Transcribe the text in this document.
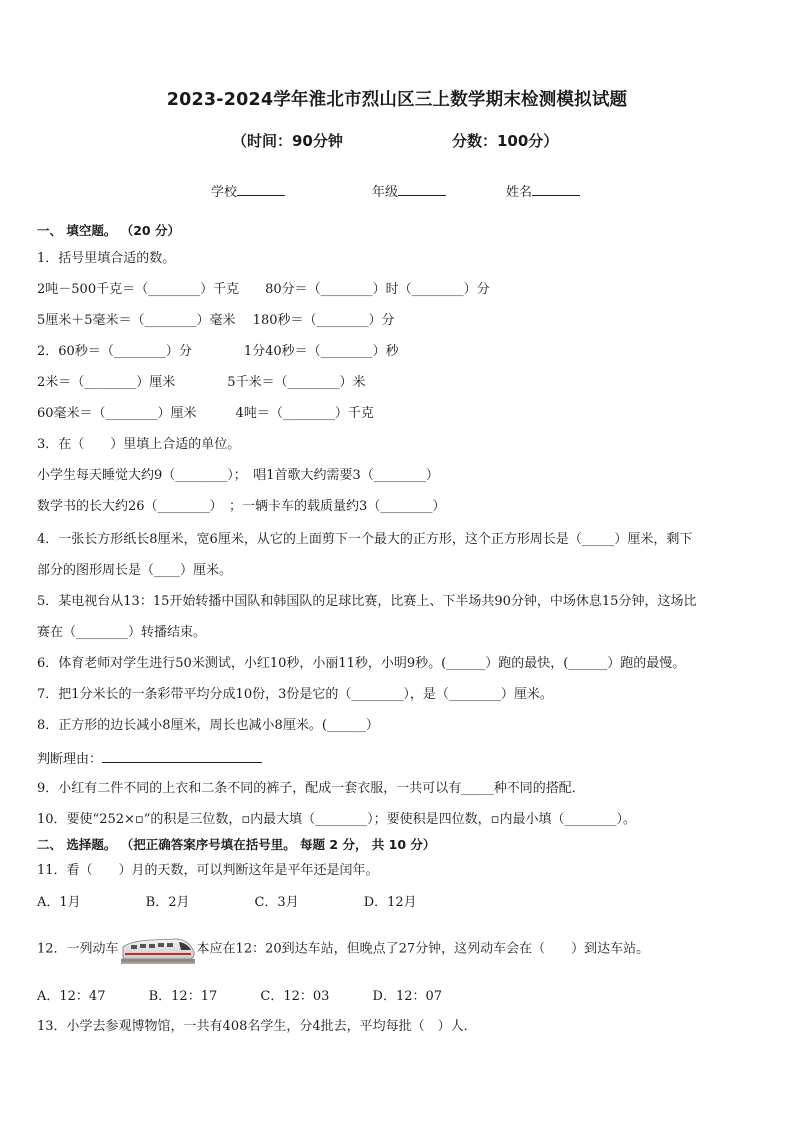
2023-2024学年淮北市烈山区三上数学期末检测模拟试题
（时间：90分钟	分数：100分）
学校	年级	姓名
一、 填空题。 （20 分）
1．括号里填合适的数。
2吨－500千克＝（________）千克　　80分＝（________）时（________）分
5厘米＋5毫米＝（________）毫米　 180秒＝（________）分
2．60秒＝（________）分　　　　1分40秒＝（________）秒
2米＝（________）厘米　　　　5千米＝（________）米
60毫米＝（________）厘米　　　4吨＝（________）千克
3．在（　　）里填上合适的单位。
小学生每天睡觉大约9（________）；　唱1首歌大约需要3（________）
数学书的长大约26（________）　；一辆卡车的载质量约3（________）
4．一张长方形纸长8厘米，宽6厘米，从它的上面剪下一个最大的正方形，这个正方形周长是（_____）厘米，剩下
部分的图形周长是（____）厘米。
5．某电视台从13：15开始转播中国队和韩国队的足球比赛，比赛上、下半场共90分钟，中场休息15分钟，这场比
赛在（________）转播结束。
6．体育老师对学生进行50米测试，小红10秒，小丽11秒，小明9秒。(______）跑的最快，(______）跑的最慢。
7．把1分米长的一条彩带平均分成10份，3份是它的（________），是（________）厘米。
8．正方形的边长减小8厘米，周长也减小8厘米。(______）
判断理由：
9．小红有二件不同的上衣和二条不同的裤子，配成一套衣服，一共可以有_____种不同的搭配．
10．要使“252×▫”的积是三位数，▫内最大填（________）；要使积是四位数，▫内最小填（________）。
二、 选择题。 （把正确答案序号填在括号里。 每题 2 分， 共 10 分）
11．看（　　）月的天数，可以判断这年是平年还是闰年。
A．1月　　　　　B．2月　　　　　C．3月　　　　　D．12月
12．一列动车	本应在12：20到达车站，但晚点了27分钟，这列动车会在（　　）到达车站。
A．12：47　　　 B．12：17　　　 C．12：03　　　 D．12：07
13．小学去参观博物馆，一共有408名学生，分4批去，平均每批（　）人．
